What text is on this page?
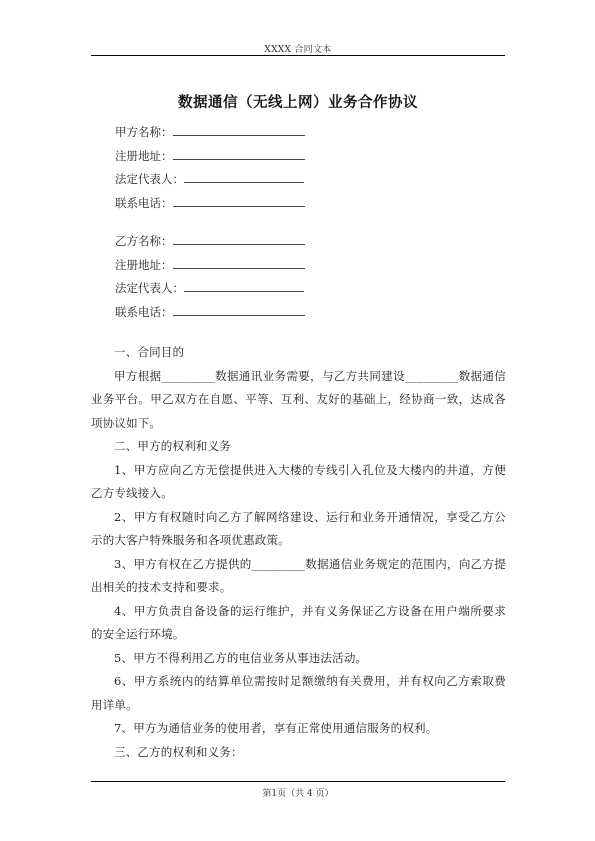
XXXX 合同文本
数据通信（无线上网）业务合作协议
甲方名称：
注册地址：
法定代表人：
联系电话：
乙方名称：
注册地址：
法定代表人：
联系电话：

一、合同目的

甲方根据_________数据通讯业务需要，与乙方共同建设_________数据通信业务平台。甲乙双方在自愿、平等、互利、友好的基础上，经协商一致，达成各项协议如下。

二、甲方的权利和义务

1、甲方应向乙方无偿提供进入大楼的专线引入孔位及大楼内的井道，方便乙方专线接入。

2、甲方有权随时向乙方了解网络建设、运行和业务开通情况，享受乙方公示的大客户特殊服务和各项优惠政策。

3、甲方有权在乙方提供的_________数据通信业务规定的范围内，向乙方提出相关的技术支持和要求。

4、甲方负责自备设备的运行维护，并有义务保证乙方设备在用户端所要求的安全运行环境。

5、甲方不得利用乙方的电信业务从事违法活动。

6、甲方系统内的结算单位需按时足额缴纳有关费用，并有权向乙方索取费用详单。

7、甲方为通信业务的使用者，享有正常使用通信服务的权利。

三、乙方的权利和义务：

第1页（共 4 页）
